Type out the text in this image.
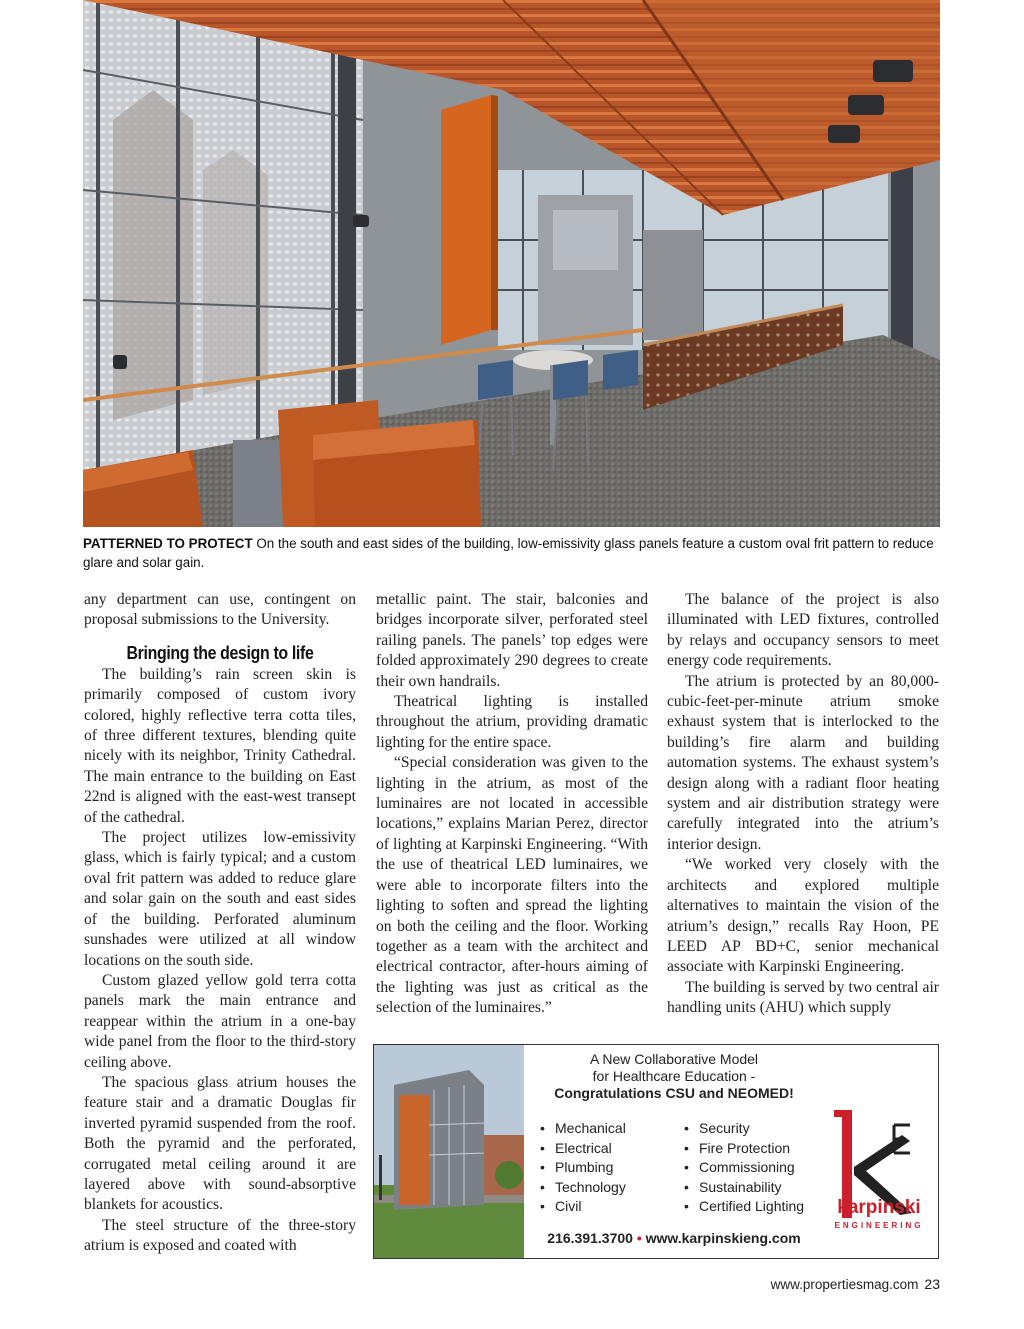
PATTERNED TO PROTECT On the south and east sides of the building, low-emissivity glass panels feature a custom oval frit pattern to reduce glare and solar gain.

any department can use, contingent on proposal submissions to the University.

Bringing the design to life

The building’s rain screen skin is primarily composed of custom ivory colored, highly reflective terra cotta tiles, of three different textures, blending quite nicely with its neighbor, Trinity Cathedral. The main entrance to the building on East 22nd is aligned with the east-west transept of the cathedral.

The project utilizes low-emissivity glass, which is fairly typical; and a custom oval frit pattern was added to reduce glare and solar gain on the south and east sides of the building. Perforated aluminum sunshades were utilized at all window locations on the south side.

Custom glazed yellow gold terra cotta panels mark the main entrance and reappear within the atrium in a one-bay wide panel from the floor to the third-story ceiling above.

The spacious glass atrium houses the feature stair and a dramatic Douglas fir inverted pyramid suspended from the roof. Both the pyramid and the perforated, corrugated metal ceiling around it are layered above with sound-absorptive blankets for acoustics.

The steel structure of the three-story atrium is exposed and coated with

metallic paint. The stair, balconies and bridges incorporate silver, perforated steel railing panels. The panels’ top edges were folded approximately 290 degrees to create their own handrails.

Theatrical lighting is installed throughout the atrium, providing dramatic lighting for the entire space.

“Special consideration was given to the lighting in the atrium, as most of the luminaires are not located in accessible locations,” explains Marian Perez, director of lighting at Karpinski Engineering. “With the use of theatrical LED luminaires, we were able to incorporate filters into the lighting to soften and spread the lighting on both the ceiling and the floor. Working together as a team with the architect and electrical contractor, after-hours aiming of the lighting was just as critical as the selection of the luminaires.”

The balance of the project is also illuminated with LED fixtures, controlled by relays and occupancy sensors to meet energy code requirements.

The atrium is protected by an 80,000-cubic-feet-per-minute atrium smoke exhaust system that is interlocked to the building’s fire alarm and building automation systems. The exhaust system’s design along with a radiant floor heating system and air distribution strategy were carefully integrated into the atrium’s interior design.

“We worked very closely with the architects and explored multiple alternatives to maintain the vision of the atrium’s design,” recalls Ray Hoon, PE LEED AP BD+C, senior mechanical associate with Karpinski Engineering.

The building is served by two central air handling units (AHU) which supply

A New Collaborative Model
for Healthcare Education -
Congratulations CSU and NEOMED!
• Mechanical
• Electrical
• Plumbing
• Technology
• Civil
• Security
• Fire Protection
• Commissioning
• Sustainability
• Certified Lighting
216.391.3700 • www.karpinskieng.com
karpinski
ENGINEERING
www.propertiesmag.com 23
